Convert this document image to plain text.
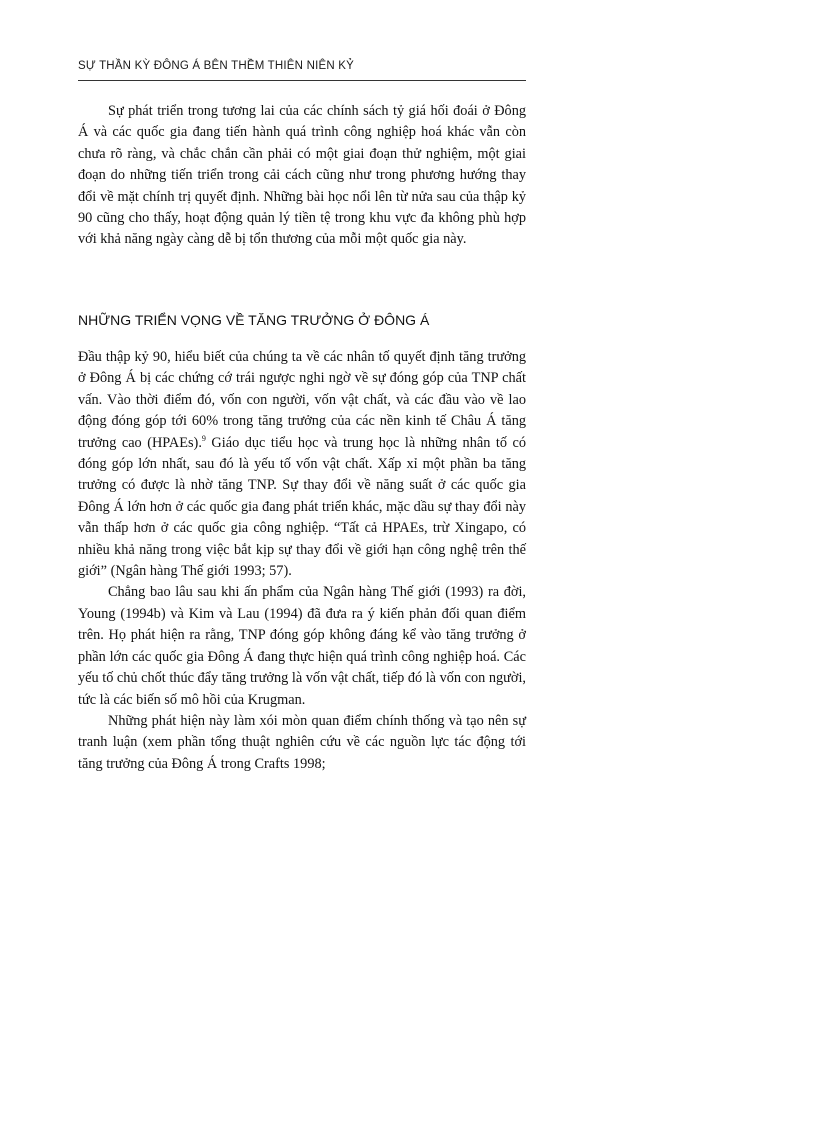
SỰ THẦN KỲ ĐÔNG Á BÊN THỀM THIÊN NIÊN KỶ

Sự phát triển trong tương lai của các chính sách tỷ giá hối đoái ở Đông Á và các quốc gia đang tiến hành quá trình công nghiệp hoá khác vẫn còn chưa rõ ràng, và chắc chắn cần phải có một giai đoạn thử nghiệm, một giai đoạn do những tiến triển trong cải cách cũng như trong phương hướng thay đổi về mặt chính trị quyết định. Những bài học nổi lên từ nửa sau của thập kỷ 90 cũng cho thấy, hoạt động quản lý tiền tệ trong khu vực đa không phù hợp với khả năng ngày càng dễ bị tổn thương của mỗi một quốc gia này.

NHỮNG TRIỂN VỌNG VỀ TĂNG TRƯỞNG Ở ĐÔNG Á

Đầu thập kỷ 90, hiểu biết của chúng ta về các nhân tố quyết định tăng trưởng ở Đông Á bị các chứng cớ trái ngược nghi ngờ về sự đóng góp của TNP chất vấn. Vào thời điểm đó, vốn con người, vốn vật chất, và các đầu vào về lao động đóng góp tới 60% trong tăng trưởng của các nền kinh tế Châu Á tăng trưởng cao (HPAEs).$^9$ Giáo dục tiểu học và trung học là những nhân tố có đóng góp lớn nhất, sau đó là yếu tố vốn vật chất. Xấp xỉ một phần ba tăng trưởng có được là nhờ tăng TNP. Sự thay đổi về năng suất ở các quốc gia Đông Á lớn hơn ở các quốc gia đang phát triển khác, mặc dầu sự thay đổi này vẫn thấp hơn ở các quốc gia công nghiệp. “Tất cả HPAEs, trừ Xingapo, có nhiều khả năng trong việc bắt kịp sự thay đổi về giới hạn công nghệ trên thế giới” (Ngân hàng Thế giới 1993; 57).

Chẳng bao lâu sau khi ấn phẩm của Ngân hàng Thế giới (1993) ra đời, Young (1994b) và Kim và Lau (1994) đã đưa ra ý kiến phản đối quan điểm trên. Họ phát hiện ra rằng, TNP đóng góp không đáng kể vào tăng trưởng ở phần lớn các quốc gia Đông Á đang thực hiện quá trình công nghiệp hoá. Các yếu tố chủ chốt thúc đẩy tăng trưởng là vốn vật chất, tiếp đó là vốn con người, tức là các biến số mô hồi của Krugman.

Những phát hiện này làm xói mòn quan điểm chính thống và tạo nên sự tranh luận (xem phần tổng thuật nghiên cứu về các nguồn lực tác động tới tăng trưởng của Đông Á trong Crafts 1998;
